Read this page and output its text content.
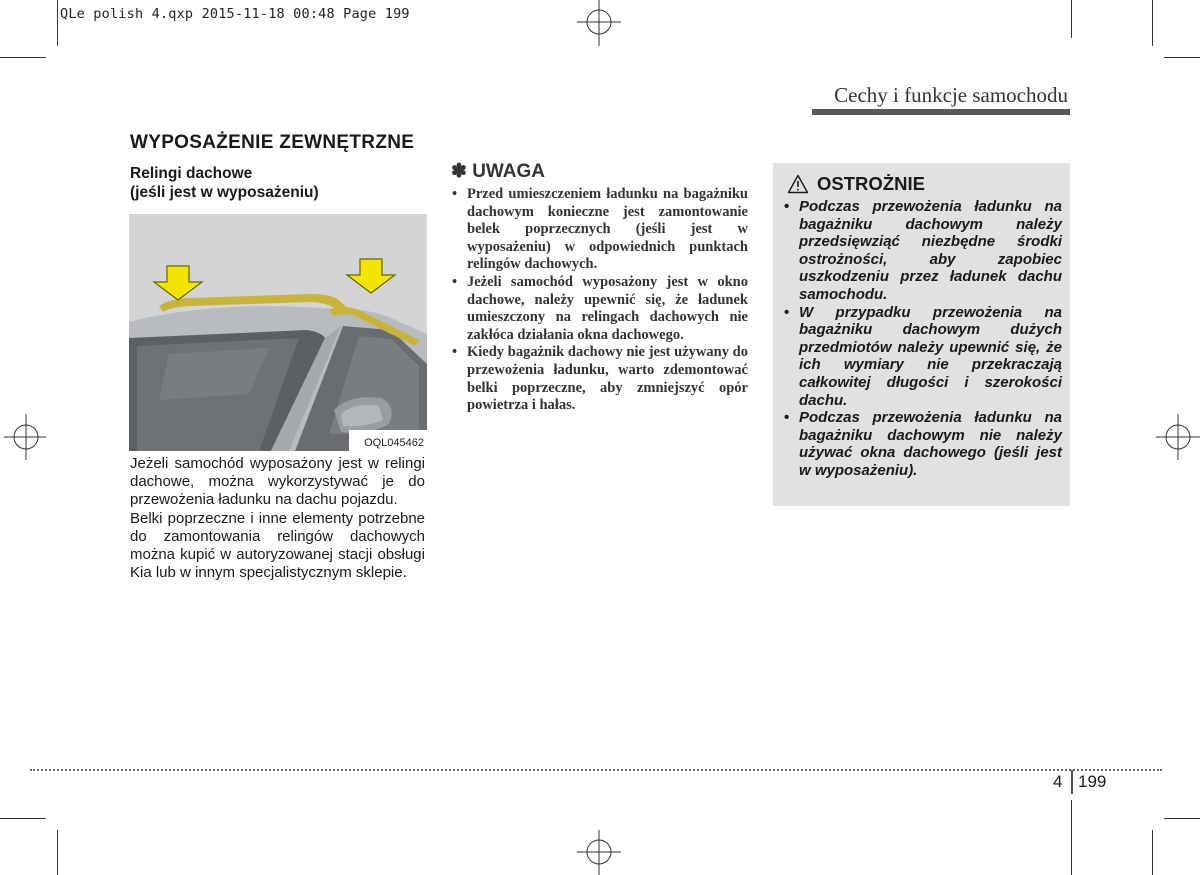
QLe polish 4.qxp 2015-11-18 00:48 Page 199
Cechy i funkcje samochodu
WYPOSAŻENIE ZEWNĘTRZNE
Relingi dachowe
(jeśli jest w wyposażeniu)
OQL045462

Jeżeli samochód wyposażony jest w relingi dachowe, można wykorzystywać je do przewożenia ładunku na dachu pojazdu.

Belki poprzeczne i inne elementy potrzebne do zamontowania relingów dachowych można kupić w autoryzowanej stacji obsługi Kia lub w innym specjalistycznym sklepie.

✽ UWAGA
• Przed umieszczeniem ładunku na bagażniku dachowym konieczne jest zamontowanie belek poprzecznych (jeśli jest w wyposażeniu) w odpowiednich punktach relingów dachowych.
• Jeżeli samochód wyposażony jest w okno dachowe, należy upewnić się, że ładunek umieszczony na relingach dachowych nie zakłóca działania okna dachowego.
• Kiedy bagażnik dachowy nie jest używany do przewożenia ładunku, warto zdemontować belki poprzeczne, aby zmniejszyć opór powietrza i hałas.
OSTROŻNIE
• Podczas przewożenia ładunku na bagażniku dachowym należy przedsięwziąć niezbędne środki ostrożności, aby zapobiec uszkodzeniu przez ładunek dachu samochodu.
• W przypadku przewożenia na bagażniku dachowym dużych przedmiotów należy upewnić się, że ich wymiary nie przekraczają całkowitej długości i szerokości dachu.
• Podczas przewożenia ładunku na bagażniku dachowym nie należy używać okna dachowego (jeśli jest w wyposażeniu).
4 199
